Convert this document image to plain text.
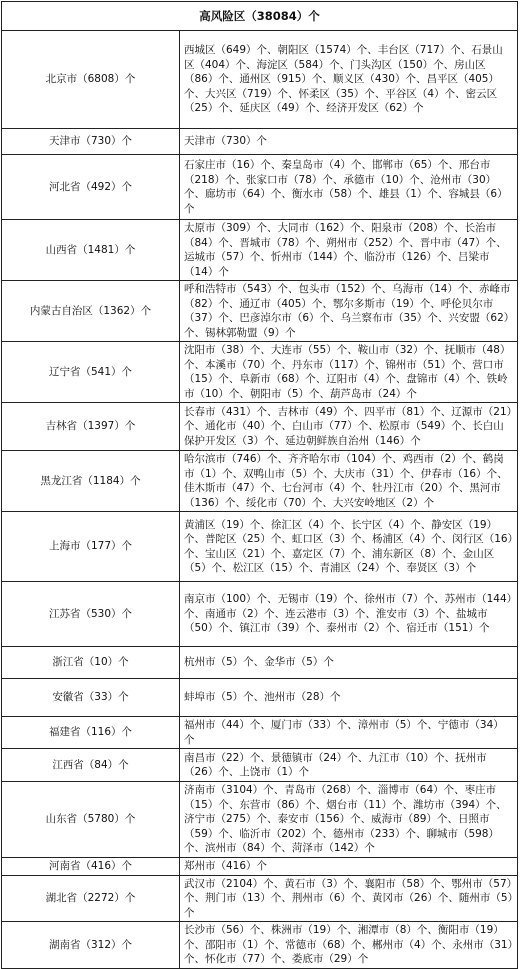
高风险区（38084）个	
北京市（6808）个	西城区（649）个、朝阳区（1574）个、丰台区（717）个、石景山区（404）个、海淀区（584）个、门头沟区（150）个、房山区（86）个、通州区（915）个、顺义区（430）个、昌平区（405）个、大兴区（719）个、怀柔区（35）个、平谷区（4）个、密云区（25）个、延庆区（49）个、经济开发区（62）个
天津市（730）个	天津市（730）个
河北省（492）个	石家庄市（16）个、秦皇岛市（4）个、邯郸市（65）个、邢台市（218）个、张家口市（78）个、承德市（10）个、沧州市（30）个、廊坊市（64）个、衡水市（58）个、雄县（1）个、容城县（6）个
山西省（1481）个	太原市（309）个、大同市（162）个、阳泉市（208）个、长治市（84）个、晋城市（78）个、朔州市（252）个、晋中市（47）个、运城市（57）个、忻州市（144）个、临汾市（126）个、吕梁市（14）个
内蒙古自治区（1362）个	呼和浩特市（543）个、包头市（152）个、乌海市（14）个、赤峰市（82）个、通辽市（405）个、鄂尔多斯市（19）个、呼伦贝尔市（37）个、巴彦淖尔市（6）个、乌兰察布市（35）个、兴安盟（62）个、锡林郭勒盟（9）个
辽宁省（541）个	沈阳市（38）个、大连市（55）个、鞍山市（32）个、抚顺市（48）个、本溪市（70）个、丹东市（117）个、锦州市（51）个、营口市（15）个、阜新市（68）个、辽阳市（4）个、盘锦市（4）个、铁岭市（10）个、朝阳市（5）个、葫芦岛市（24）个
吉林省（1397）个	长春市（431）个、吉林市（49）个、四平市（81）个、辽源市（21）个、通化市（40）个、白山市（77）个、松原市（549）个、长白山保护开发区（3）个、延边朝鲜族自治州（146）个
黑龙江省（1184）个	哈尔滨市（746）个、齐齐哈尔市（104）个、鸡西市（2）个、鹤岗市（1）个、双鸭山市（5）个、大庆市（31）个、伊春市（16）个、佳木斯市（47）个、七台河市（4）个、牡丹江市（20）个、黑河市（136）个、绥化市（70）个、大兴安岭地区（2）个
上海市（177）个	黄浦区（19）个、徐汇区（4）个、长宁区（4）个、静安区（19）个、普陀区（25）个、虹口区（3）个、杨浦区（4）个、闵行区（16）个、宝山区（21）个、嘉定区（7）个、浦东新区（8）个、金山区（5）个、松江区（15）个、青浦区（24）个、奉贤区（3）个
江苏省（530）个	南京市（100）个、无锡市（19）个、徐州市（7）个、苏州市（144）个、南通市（2）个、连云港市（3）个、淮安市（3）个、盐城市（50）个、镇江市（39）个、泰州市（2）个、宿迁市（151）个
浙江省（10）个	杭州市（5）个、金华市（5）个
安徽省（33）个	蚌埠市（5）个、池州市（28）个
福建省（116）个	福州市（44）个、厦门市（33）个、漳州市（5）个、宁德市（34）个
江西省（84）个	南昌市（22）个、景德镇市（24）个、九江市（10）个、抚州市（26）个、上饶市（1）个
山东省（5780）个	济南市（3104）个、青岛市（268）个、淄博市（64）个、枣庄市（15）个、东营市（86）个、烟台市（11）个、潍坊市（394）个、济宁市（275）个、泰安市（156）个、威海市（89）个、日照市（59）个、临沂市（202）个、德州市（233）个、聊城市（598）个、滨州市（84）个、菏泽市（142）个
河南省（416）个	郑州市（416）个
湖北省（2272）个	武汉市（2104）个、黄石市（3）个、襄阳市（58）个、鄂州市（57）个、荆门市（13）个、荆州市（6）个、黄冈市（26）个、随州市（5）个
湖南省（312）个	长沙市（56）个、株洲市（19）个、湘潭市（8）个、衡阳市（19）个、邵阳市（1）个、常德市（68）个、郴州市（4）个、永州市（31）个、怀化市（77）个、娄底市（29）个
